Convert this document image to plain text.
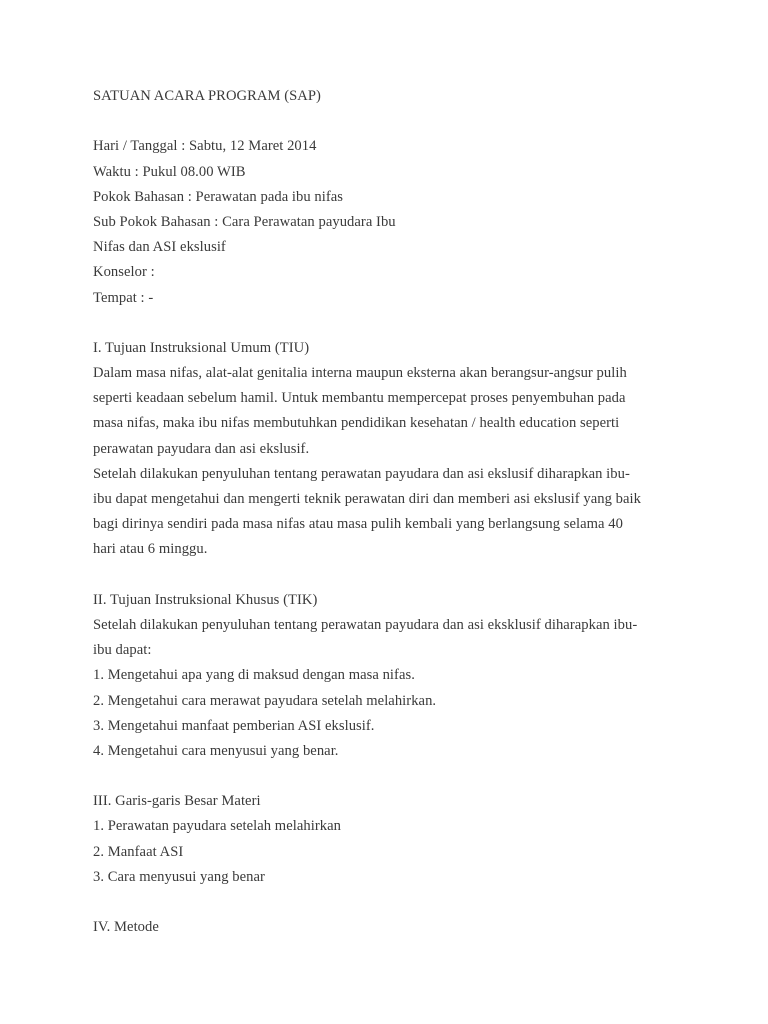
SATUAN ACARA PROGRAM (SAP)
Hari / Tanggal : Sabtu, 12 Maret 2014
Waktu : Pukul 08.00 WIB
Pokok Bahasan : Perawatan pada ibu nifas
Sub Pokok Bahasan : Cara Perawatan payudara Ibu
Nifas dan ASI ekslusif
Konselor :
Tempat : -
I. Tujuan Instruksional Umum (TIU)
Dalam masa nifas, alat-alat genitalia interna maupun eksterna akan berangsur-angsur pulih
seperti keadaan sebelum hamil. Untuk membantu mempercepat proses penyembuhan pada
masa nifas, maka ibu nifas membutuhkan pendidikan kesehatan / health education seperti
perawatan payudara dan asi ekslusif.
Setelah dilakukan penyuluhan tentang perawatan payudara dan asi ekslusif diharapkan ibu-
ibu dapat mengetahui dan mengerti teknik perawatan diri dan memberi asi ekslusif yang baik
bagi dirinya sendiri pada masa nifas atau masa pulih kembali yang berlangsung selama 40
hari atau 6 minggu.
II. Tujuan Instruksional Khusus (TIK)
Setelah dilakukan penyuluhan tentang perawatan payudara dan asi eksklusif diharapkan ibu-
ibu dapat:
1. Mengetahui apa yang di maksud dengan masa nifas.
2. Mengetahui cara merawat payudara setelah melahirkan.
3. Mengetahui manfaat pemberian ASI ekslusif.
4. Mengetahui cara menyusui yang benar.
III. Garis-garis Besar Materi
1. Perawatan payudara setelah melahirkan
2. Manfaat ASI
3. Cara menyusui yang benar
IV. Metode
